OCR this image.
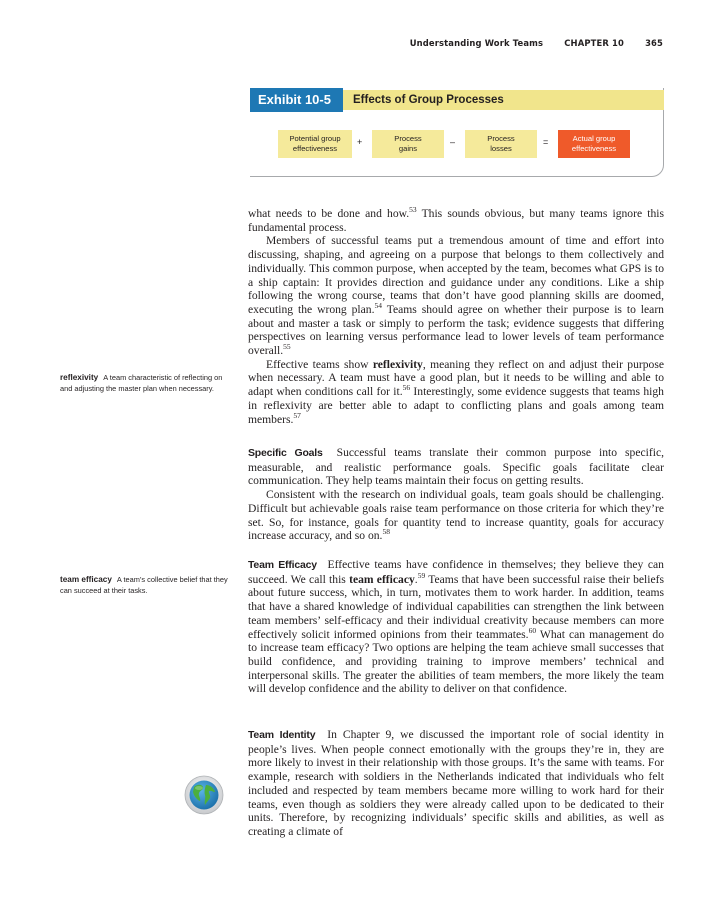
Understanding Work Teams	CHAPTER 10	365
Effects of Group Processes
Exhibit 10-5
Potential group
effectiveness
+	Process
gains
–	Process
losses
=	Actual group
effectiveness
reflexivity A team characteristic of reflecting on and adjusting the master plan when necessary.
team efficacy A team’s collective belief that they can succeed at their tasks.

what needs to be done and how.$^{53}$ This sounds obvious, but many teams ignore this fundamental process.

Members of successful teams put a tremendous amount of time and effort into discussing, shaping, and agreeing on a purpose that belongs to them collectively and individually. This common purpose, when accepted by the team, becomes what GPS is to a ship captain: It provides direction and guidance under any conditions. Like a ship following the wrong course, teams that don’t have good planning skills are doomed, executing the wrong plan.$^{54}$ Teams should agree on whether their purpose is to learn about and master a task or simply to perform the task; evidence suggests that differing perspectives on learning versus performance lead to lower levels of team performance overall.$^{55}$

Effective teams show reflexivity, meaning they reflect on and adjust their purpose when necessary. A team must have a good plan, but it needs to be willing and able to adapt when conditions call for it.$^{56}$ Interestingly, some evidence suggests that teams high in reflexivity are better able to adapt to conflicting plans and goals among team members.$^{57}$

Specific Goals Successful teams translate their common purpose into specific, measurable, and realistic performance goals. Specific goals facilitate clear communication. They help teams maintain their focus on getting results.

Consistent with the research on individual goals, team goals should be challenging. Difficult but achievable goals raise team performance on those criteria for which they’re set. So, for instance, goals for quantity tend to increase quantity, goals for accuracy increase accuracy, and so on.$^{58}$

Team Efficacy Effective teams have confidence in themselves; they believe they can succeed. We call this team efficacy.$^{59}$ Teams that have been successful raise their beliefs about future success, which, in turn, motivates them to work harder. In addition, teams that have a shared knowledge of individual capabilities can strengthen the link between team members’ self-efficacy and their individual creativity because members can more effectively solicit informed opinions from their teammates.$^{60}$ What can management do to increase team efficacy? Two options are helping the team achieve small successes that build confidence, and providing training to improve members’ technical and interpersonal skills. The greater the abilities of team members, the more likely the team will develop confidence and the ability to deliver on that confidence.

Team Identity In Chapter 9, we discussed the important role of social identity in people’s lives. When people connect emotionally with the groups they’re in, they are more likely to invest in their relationship with those groups. It’s the same with teams. For example, research with soldiers in the Netherlands indicated that individuals who felt included and respected by team members became more willing to work hard for their teams, even though as soldiers they were already called upon to be dedicated to their units. Therefore, by recognizing individuals’ specific skills and abilities, as well as creating a climate of
